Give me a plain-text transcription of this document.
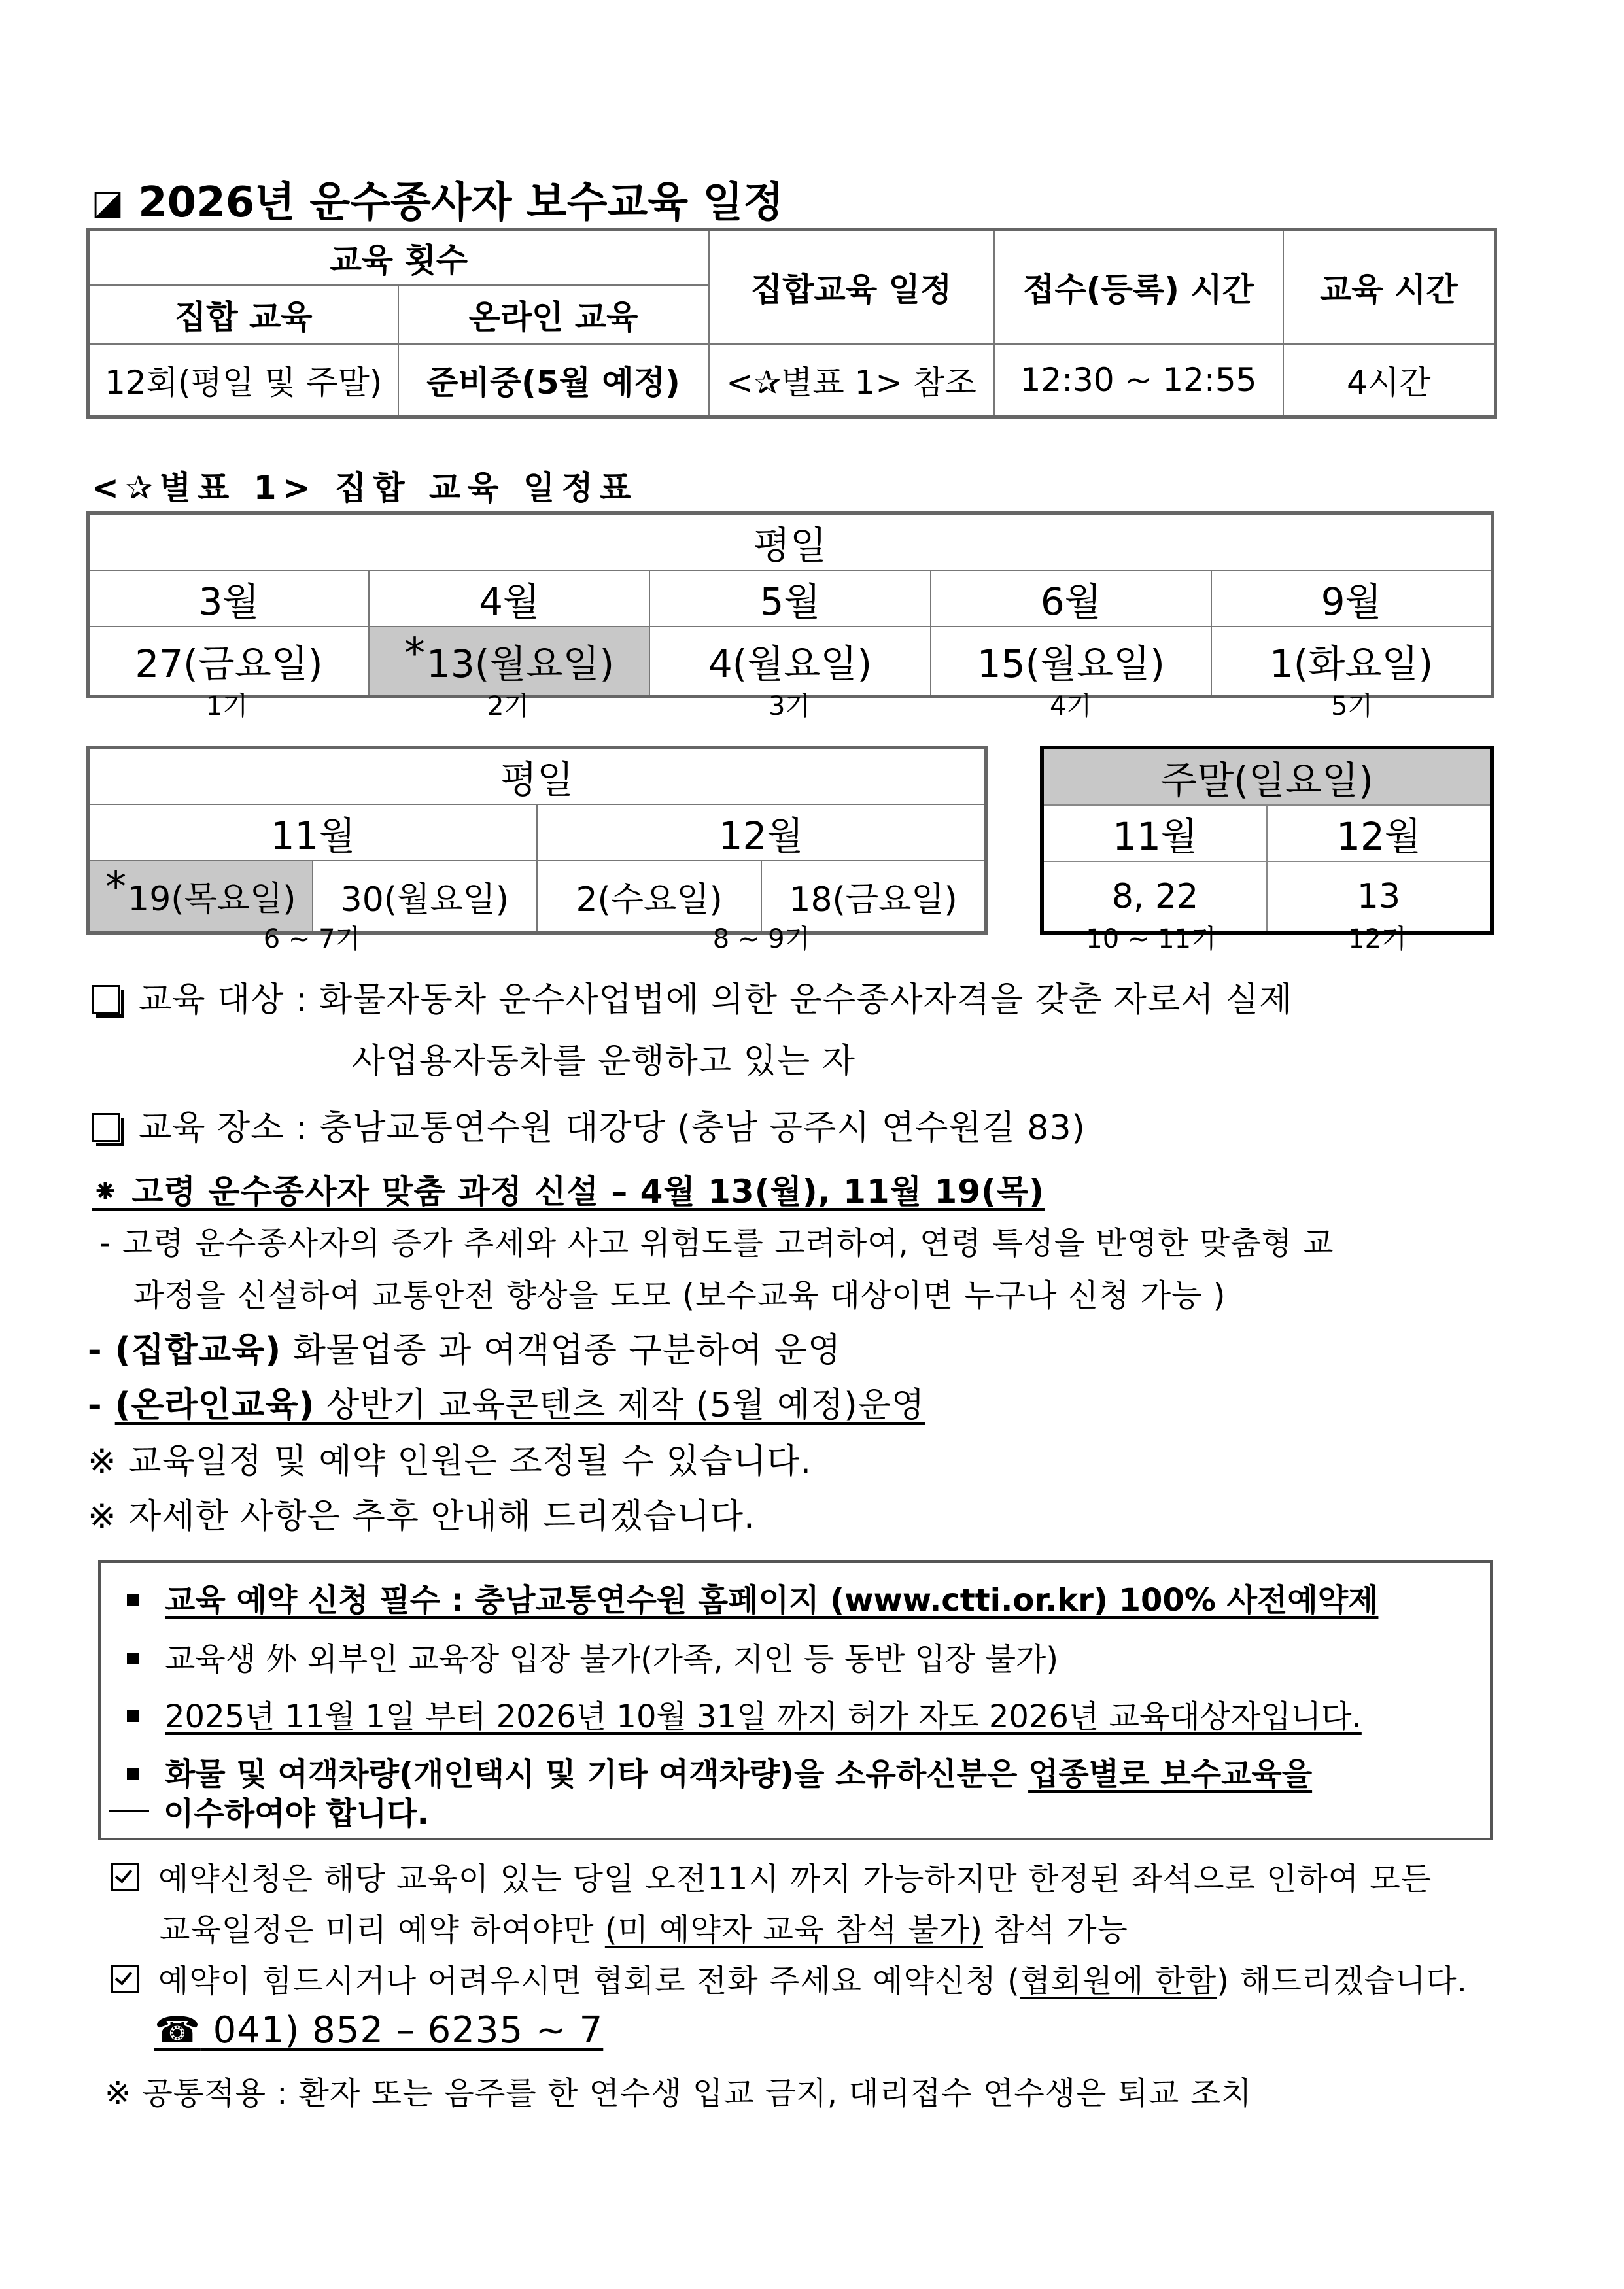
◪ 2026년 운수종사자 보수교육 일정
교육 횟수		집합교육 일정	접수(등록) 시간	교육 시간
집합 교육	온라인 교육			
12회(평일 및 주말)	준비중(5월 예정)	<✰별표 1> 참조	12:30 ~ 12:55	4시간
<✰별표 1> 집합 교육 일정표
평일				
3월	4월	5월	6월	9월
27(금요일)	*13(월요일)	4(월요일)	15(월요일)	1(화요일)
1기	2기	3기	4기	5기
평일			
11월		12월	
*19(목요일)	30(월요일)	2(수요일)	18(금요일)
6 ~ 7기	8 ~ 9기
주말(일요일)	
11월	12월
8, 22	13
10 ~ 11기	12기
교육 대상 : 화물자동차 운수사업법에 의한 운수종사자격을 갖춘 자로서 실제
사업용자동차를 운행하고 있는 자
교육 장소 : 충남교통연수원 대강당 (충남 공주시 연수원길 83)
⁕ 고령 운수종사자 맞춤 과정 신설 – 4월 13(월), 11월 19(목)
- 고령 운수종사자의 증가 추세와 사고 위험도를 고려하여, 연령 특성을 반영한 맞춤형 교
과정을 신설하여 교통안전 향상을 도모 (보수교육 대상이면 누구나 신청 가능 )
- (집합교육) 화물업종 과 여객업종 구분하여 운영
- (온라인교육) 상반기 교육콘텐츠 제작 (5월 예정)운영
※ 교육일정 및 예약 인원은 조정될 수 있습니다.
※ 자세한 사항은 추후 안내해 드리겠습니다.
교육 예약 신청 필수 : 충남교통연수원 홈페이지 (www.ctti.or.kr) 100% 사전예약제
교육생 外 외부인 교육장 입장 불가(가족, 지인 등 동반 입장 불가)
2025년 11월 1일 부터 2026년 10월 31일 까지 허가 자도 2026년 교육대상자입니다.
화물 및 여객차량(개인택시 및 기타 여객차량)을 소유하신분은 업종별로 보수교육을
이수하여야 합니다.
예약신청은 해당 교육이 있는 당일 오전11시 까지 가능하지만 한정된 좌석으로 인하여 모든
교육일정은 미리 예약 하여야만 (미 예약자 교육 참석 불가) 참석 가능
예약이 힘드시거나 어려우시면 협회로 전화 주세요 예약신청 (협회원에 한함) 해드리겠습니다.
☎ 041) 852 – 6235 ~ 7
※ 공통적용 : 환자 또는 음주를 한 연수생 입교 금지, 대리접수 연수생은 퇴교 조치
